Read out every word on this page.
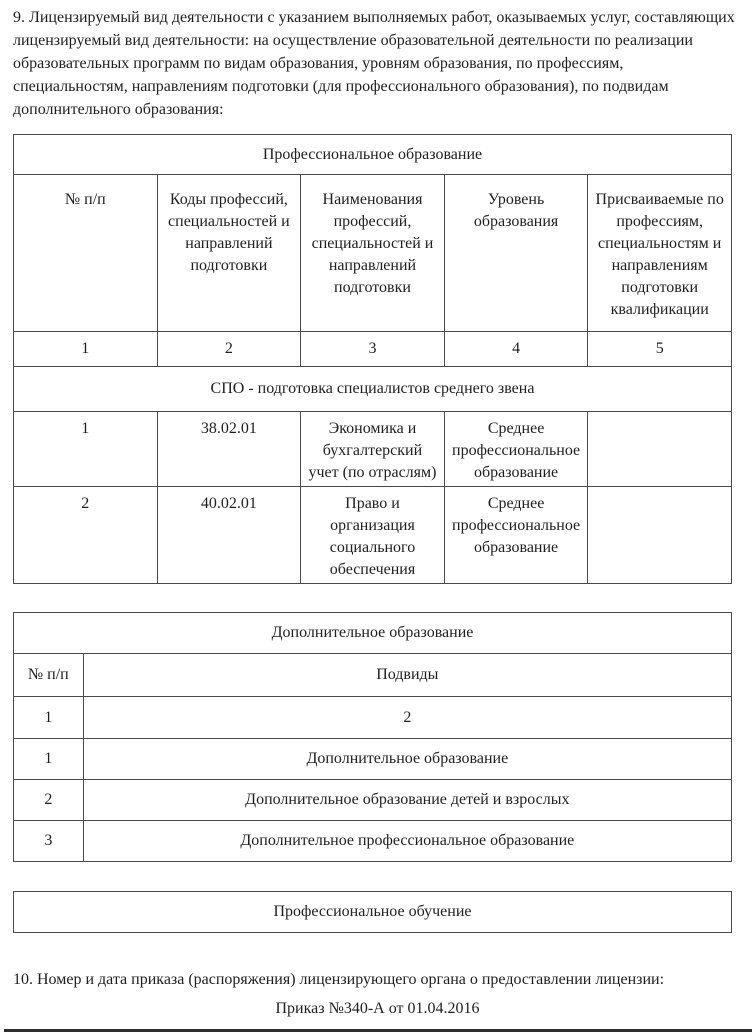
9. Лицензируемый вид деятельности с указанием выполняемых работ, оказываемых услуг, составляющих лицензируемый вид деятельности: на осуществление образовательной деятельности по реализации образовательных программ по видам образования, уровням образования, по профессиям, специальностям, направлениям подготовки (для профессионального образования), по подвидам дополнительного образования:

Профессиональное образование				
№ п/п	Коды профессий, специальностей и направлений подготовки	Наименования профессий, специальностей и направлений подготовки	Уровень образования	Присваиваемые по профессиям, специальностям и направлениям подготовки квалификации
1	2	3	4	5
СПО - подготовка специалистов среднего звена				
1	38.02.01	Экономика и бухгалтерский учет (по отраслям)	Среднее профессиональное образование	
2	40.02.01	Право и организация социального обеспечения	Среднее профессиональное образование	
Дополнительное образование	
№ п/п	Подвиды
1	2
1	Дополнительное образование
2	Дополнительное образование детей и взрослых
3	Дополнительное профессиональное образование
Профессиональное обучение

10. Номер и дата приказа (распоряжения) лицензирующего органа о предоставлении лицензии:

Приказ №340-А от 01.04.2016
